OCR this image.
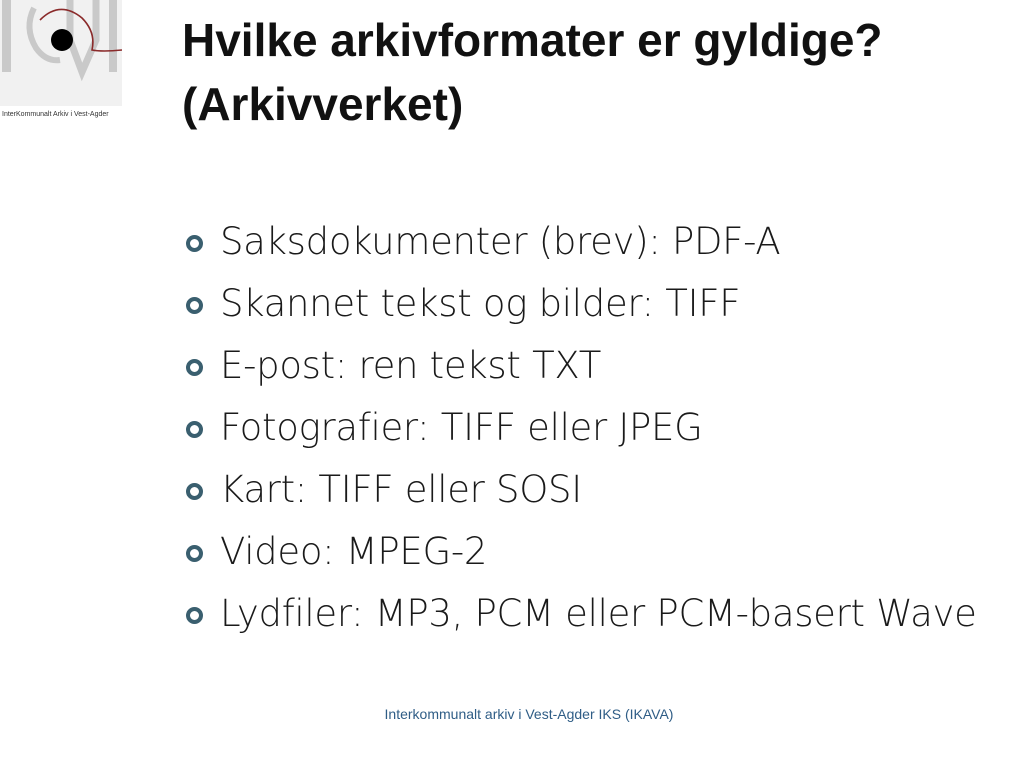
InterKommunalt Arkiv i Vest-Agder
Hvilke arkivformater er gyldige? (Arkivverket)
Saksdokumenter (brev): PDF-A
Skannet tekst og bilder: TIFF
E-post: ren tekst TXT
Fotografier: TIFF eller JPEG
Kart: TIFF eller SOSI
Video: MPEG-2
Lydfiler: MP3, PCM eller PCM-basert Wave
Interkommunalt arkiv i Vest-Agder IKS (IKAVA)
